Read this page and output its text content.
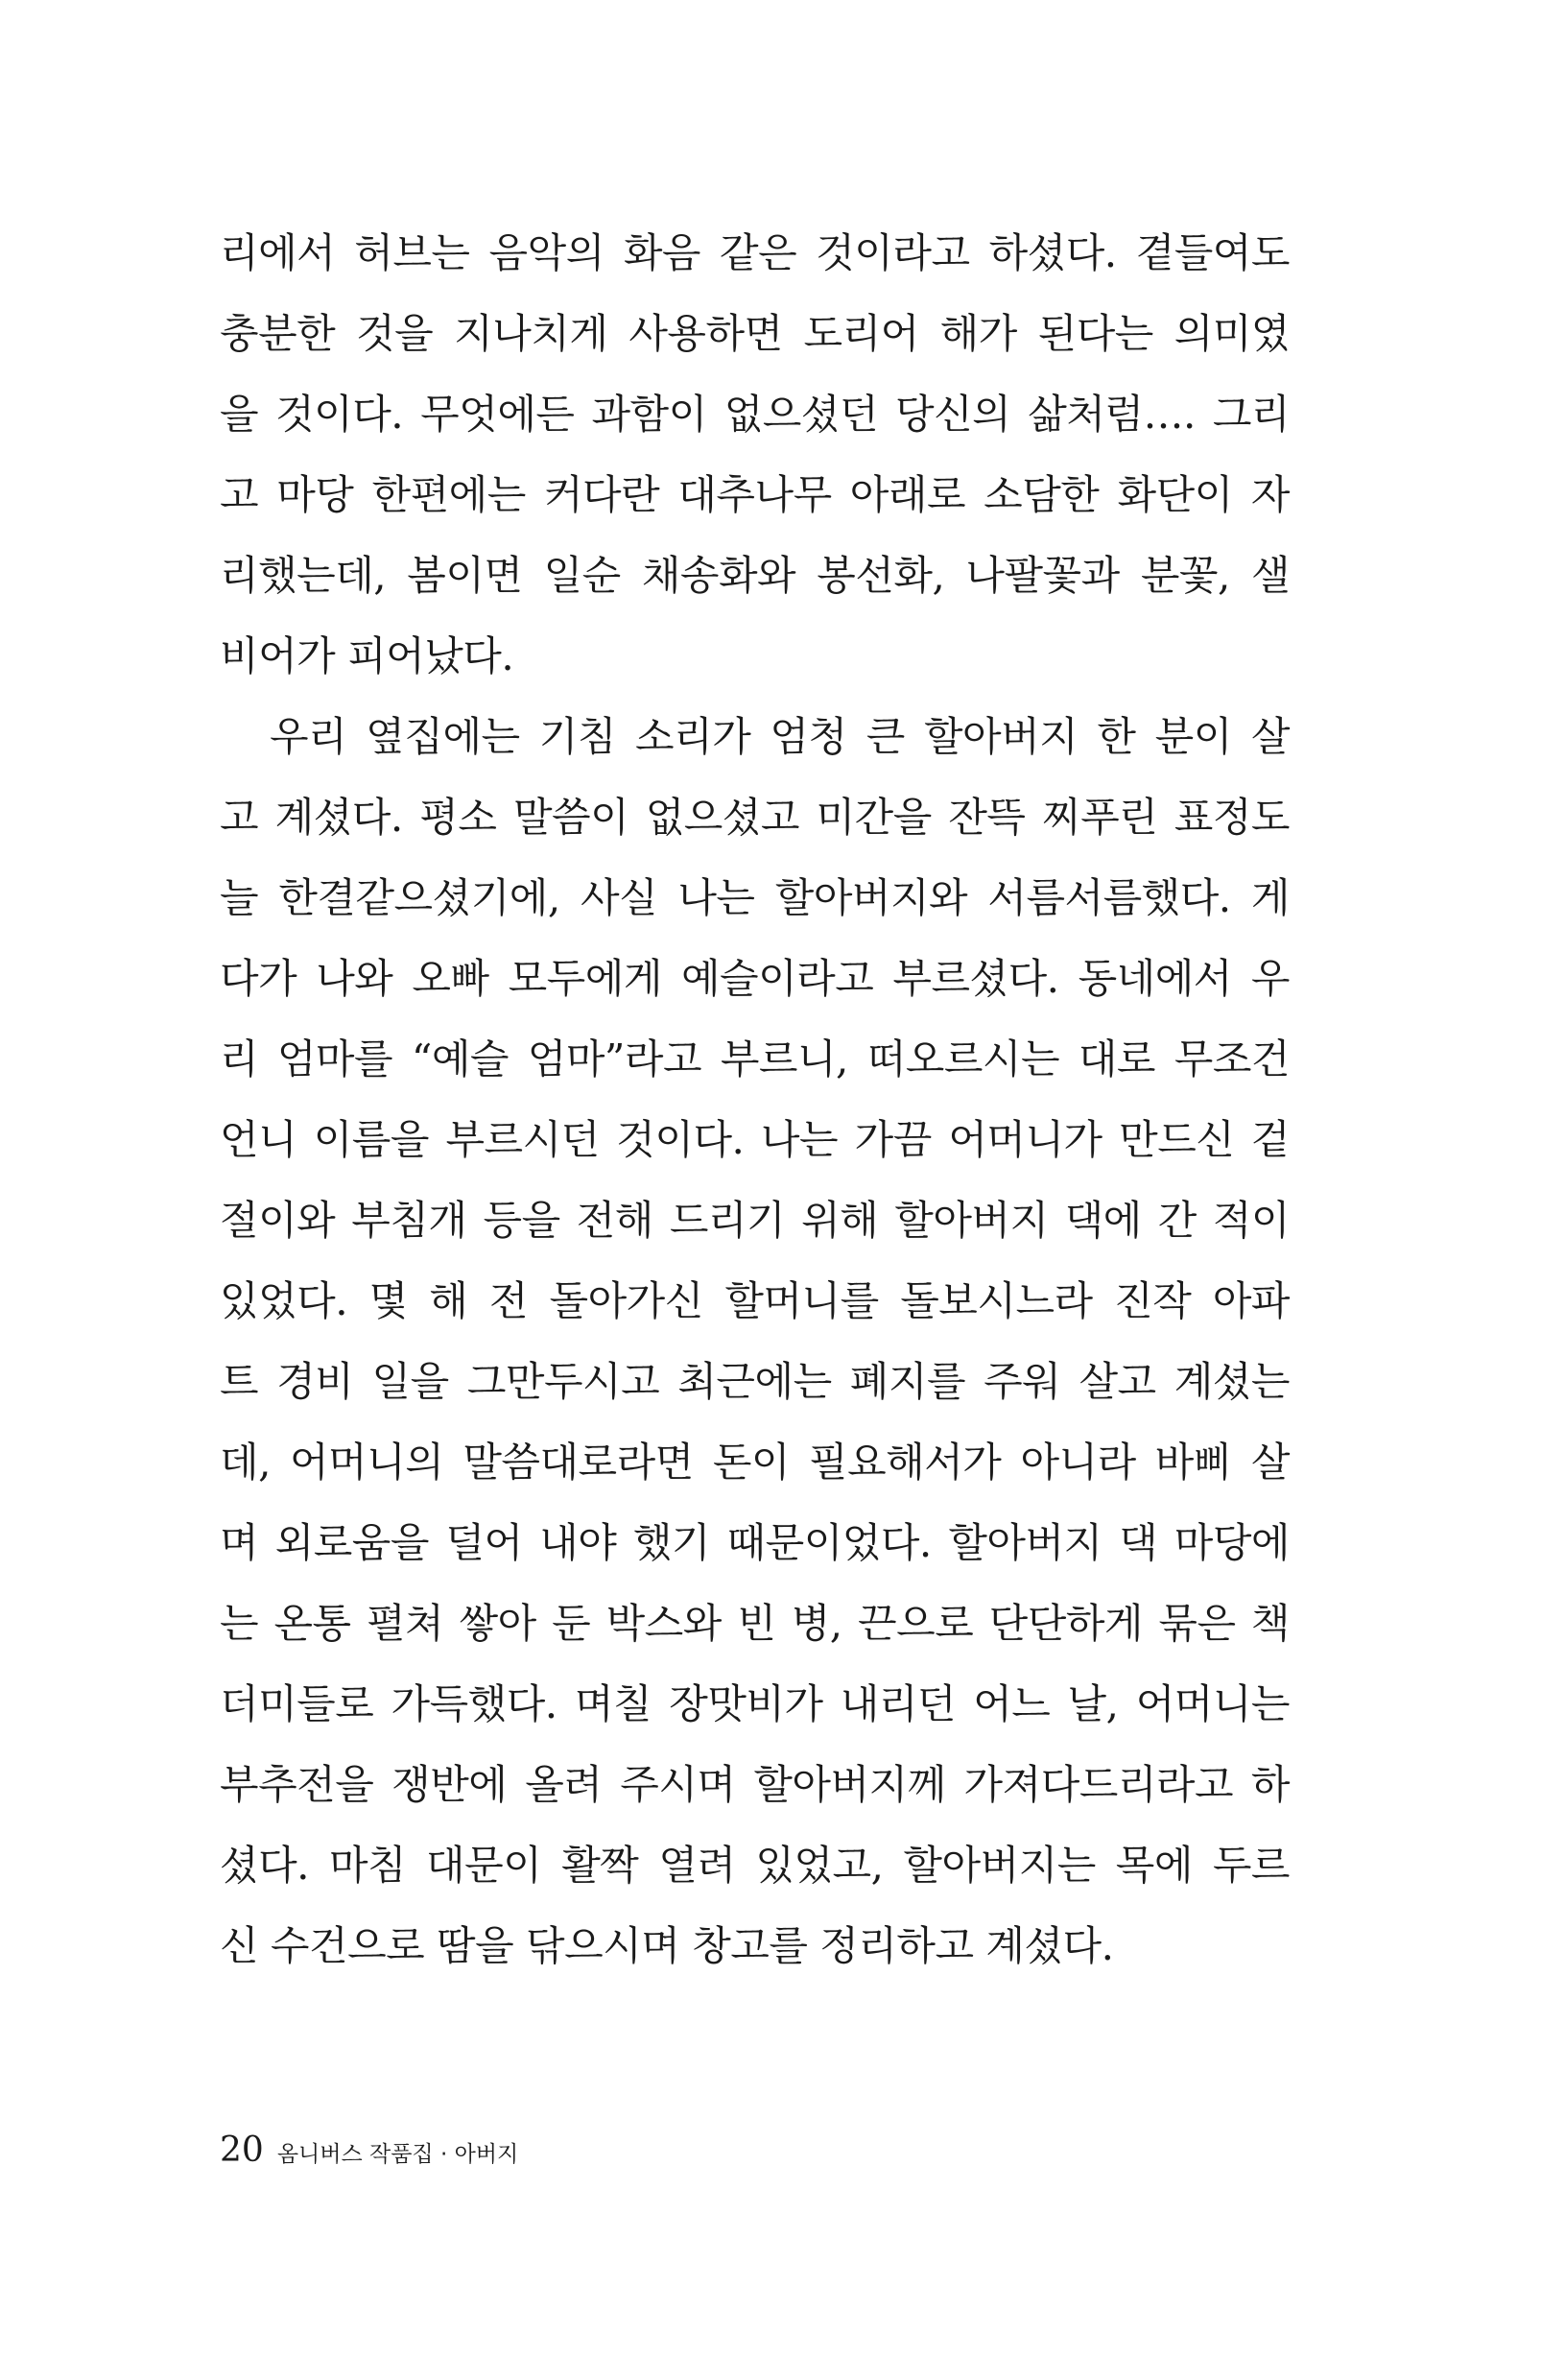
리에서 허브는 음악의 화음 같은 것이라고 하셨다. 곁들여도
충분한 것을 지나치게 사용하면 도리어 해가 된다는 의미였
을 것이다. 무엇에든 과함이 없으셨던 당신의 삶처럼…. 그리
고 마당 한편에는 커다란 대추나무 아래로 소담한 화단이 자
리했는데, 봄이면 일순 채송화와 봉선화, 나팔꽃과 분꽃, 샐
비어가 피어났다.
우리 옆집에는 기침 소리가 엄청 큰 할아버지 한 분이 살
고 계셨다. 평소 말씀이 없으셨고 미간을 잔뜩 찌푸린 표정도
늘 한결같으셨기에, 사실 나는 할아버지와 서름서름했다. 게
다가 나와 오빠 모두에게 예슬이라고 부르셨다. 동네에서 우
리 엄마를 “예슬 엄마”라고 부르니, 떠오르시는 대로 무조건
언니 이름을 부르시던 것이다. 나는 가끔 어머니가 만드신 겉
절이와 부침개 등을 전해 드리기 위해 할아버지 댁에 간 적이
있었다. 몇 해 전 돌아가신 할머니를 돌보시느라 진작 아파
트 경비 일을 그만두시고 최근에는 폐지를 주워 살고 계셨는
데, 어머니의 말씀대로라면 돈이 필요해서가 아니라 바삐 살
며 외로움을 덜어 내야 했기 때문이었다. 할아버지 댁 마당에
는 온통 펼쳐 쌓아 둔 박스와 빈 병, 끈으로 단단하게 묶은 책
더미들로 가득했다. 며칠 장맛비가 내리던 어느 날, 어머니는
부추전을 쟁반에 올려 주시며 할아버지께 가져다드리라고 하
셨다. 마침 대문이 활짝 열려 있었고, 할아버지는 목에 두르
신 수건으로 땀을 닦으시며 창고를 정리하고 계셨다.
20 옴니버스 작품집 · 아버지
